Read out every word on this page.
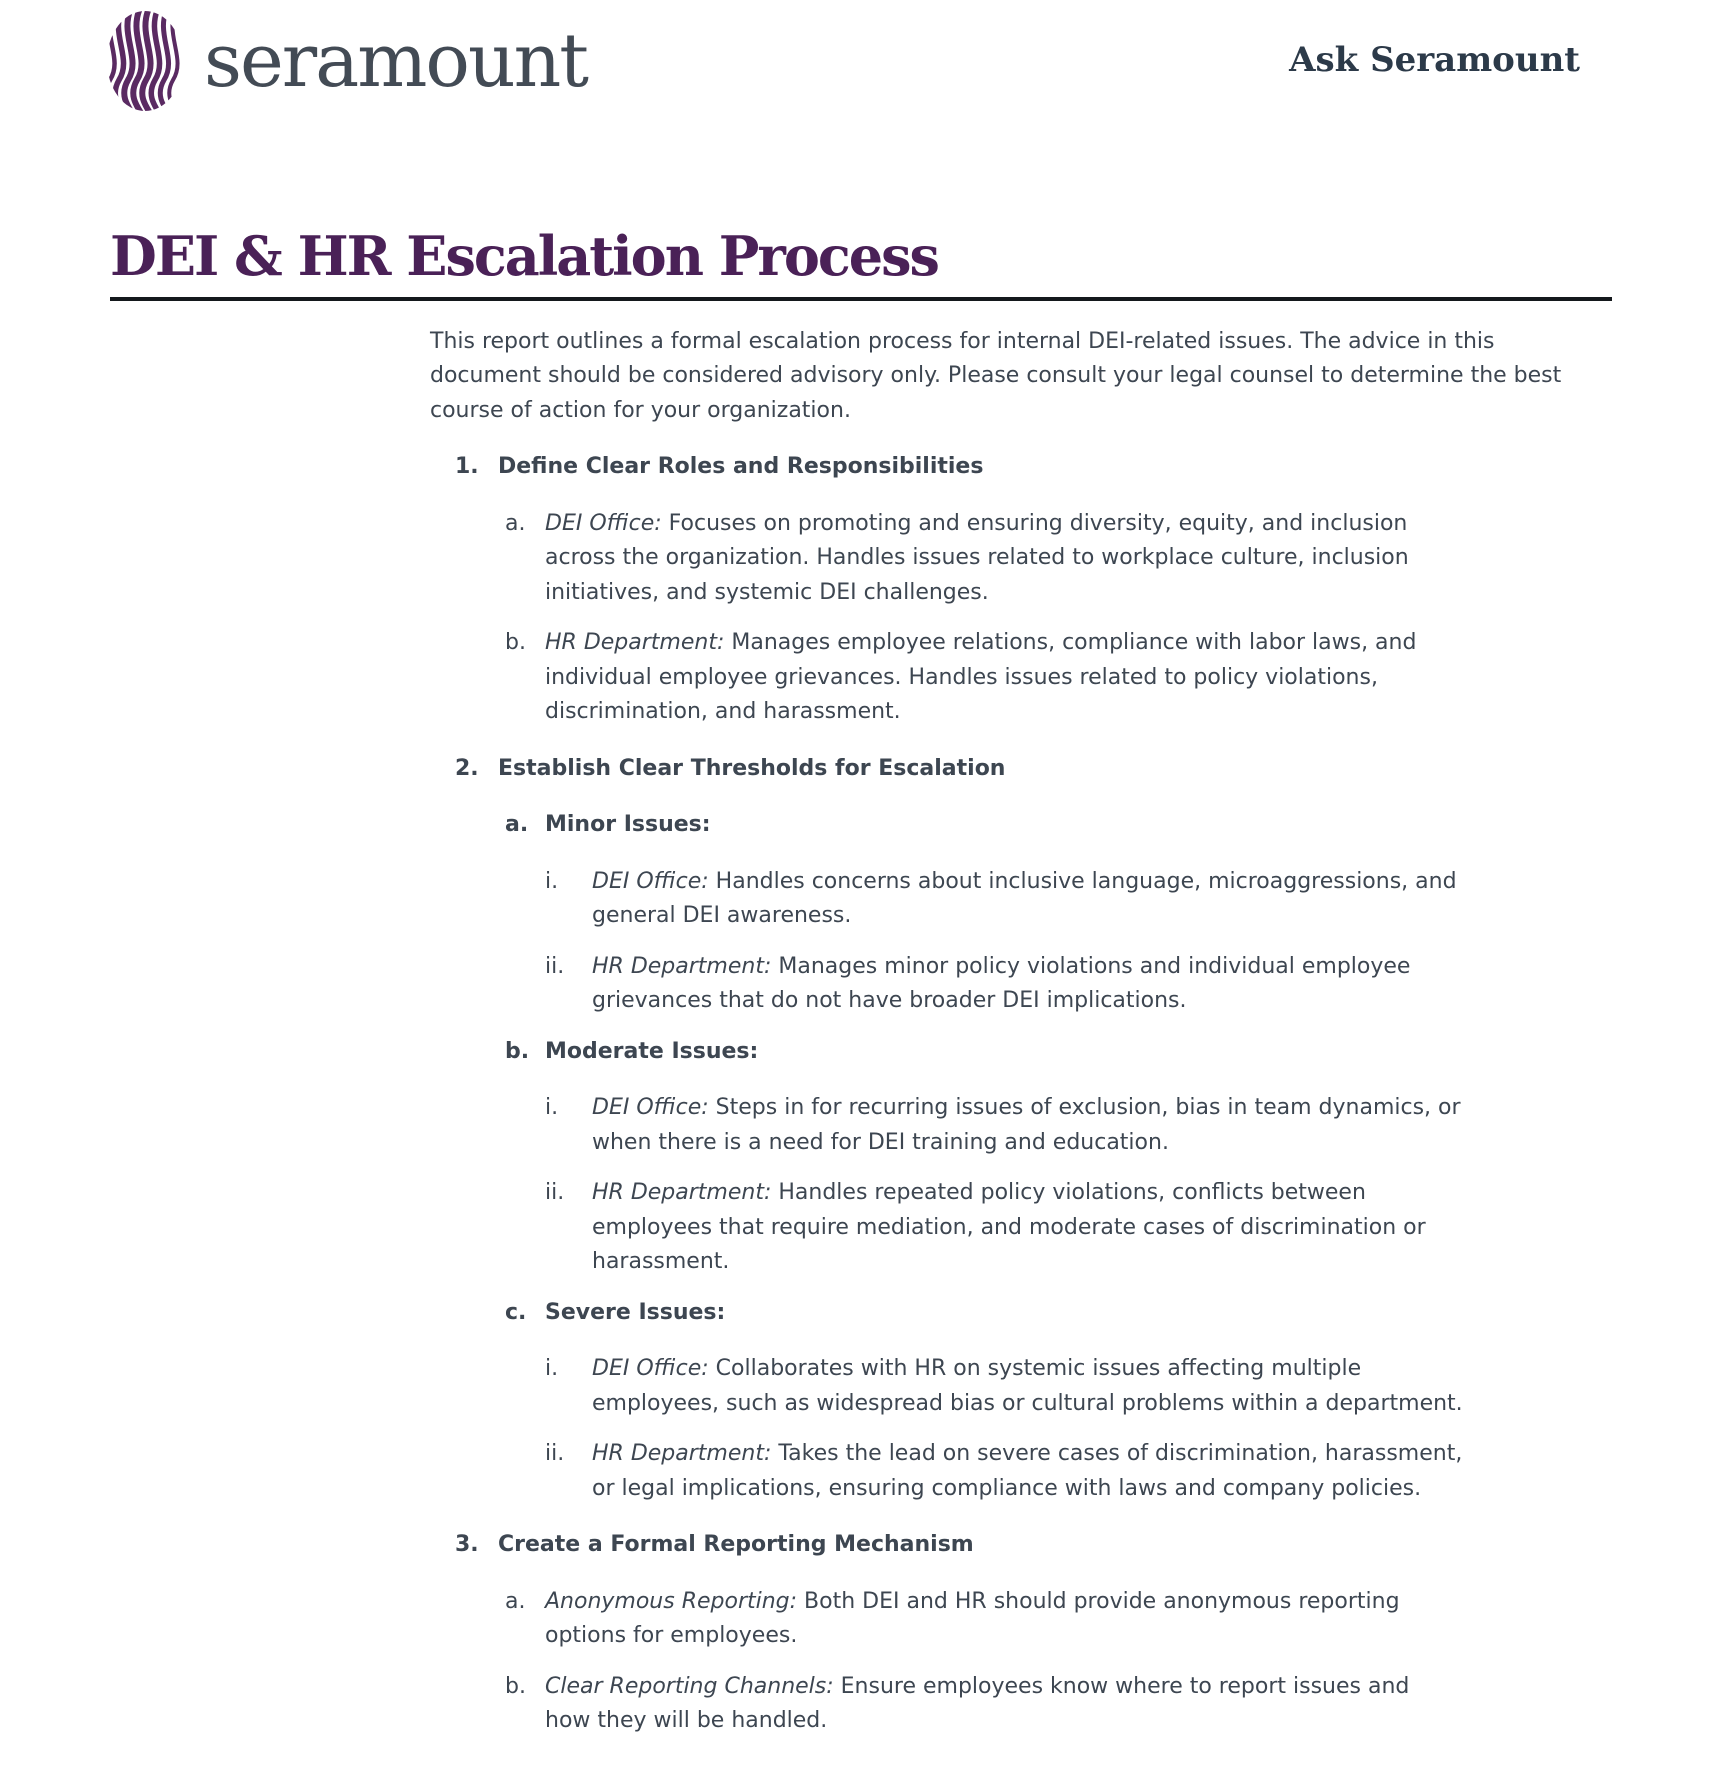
seramount	Ask Seramount
DEI & HR Escalation Process

This report outlines a formal escalation process for internal DEI-related issues. The advice in this document should be considered advisory only. Please consult your legal counsel to determine the best course of action for your organization.

1. Define Clear Roles and Responsibilities
a. DEI Office: Focuses on promoting and ensuring diversity, equity, and inclusion across the organization. Handles issues related to workplace culture, inclusion initiatives, and systemic DEI challenges.
b. HR Department: Manages employee relations, compliance with labor laws, and individual employee grievances. Handles issues related to policy violations, discrimination, and harassment.
2. Establish Clear Thresholds for Escalation
a. Minor Issues:
i.	DEI Office: Handles concerns about inclusive language, microaggressions, and general DEI awareness.
ii.	HR Department: Manages minor policy violations and individual employee grievances that do not have broader DEI implications.
b. Moderate Issues:
i.	DEI Office: Steps in for recurring issues of exclusion, bias in team dynamics, or when there is a need for DEI training and education.
ii.	HR Department: Handles repeated policy violations, conflicts between employees that require mediation, and moderate cases of discrimination or harassment.
c. Severe Issues:
i.	DEI Office: Collaborates with HR on systemic issues affecting multiple employees, such as widespread bias or cultural problems within a department.
ii.	HR Department: Takes the lead on severe cases of discrimination, harassment, or legal implications, ensuring compliance with laws and company policies.
3. Create a Formal Reporting Mechanism
a. Anonymous Reporting: Both DEI and HR should provide anonymous reporting options for employees.
b. Clear Reporting Channels: Ensure employees know where to report issues and how they will be handled.
